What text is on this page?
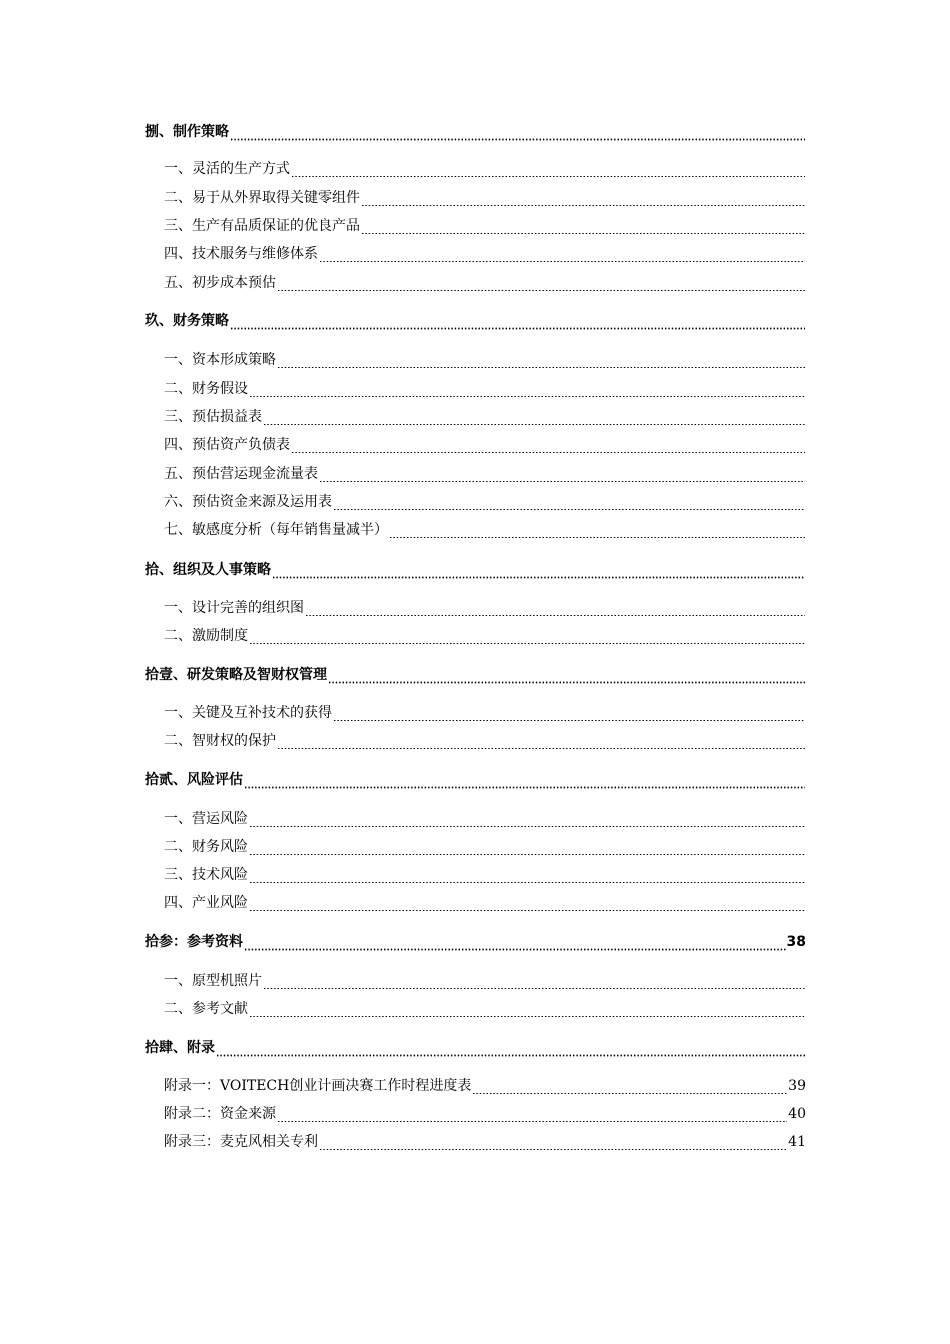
捌、制作策略
一、灵活的生产方式
二、易于从外界取得关键零组件
三、生产有品质保证的优良产品
四、技术服务与维修体系
五、初步成本预估
玖、财务策略
一、资本形成策略
二、财务假设
三、预估损益表
四、预估资产负债表
五、预估营运现金流量表
六、预估资金来源及运用表
七、敏感度分析（每年销售量减半）
拾、组织及人事策略
一、设计完善的组织图
二、激励制度
拾壹、研发策略及智财权管理
一、关键及互补技术的获得
二、智财权的保护
拾贰、风险评估
一、营运风险
二、财务风险
三、技术风险
四、产业风险
拾参：参考资料	38
一、原型机照片
二、参考文献
拾肆、附录
附录一：VOITECH创业计画决赛工作时程进度表	39
附录二：资金来源	40
附录三：麦克风相关专利	41
